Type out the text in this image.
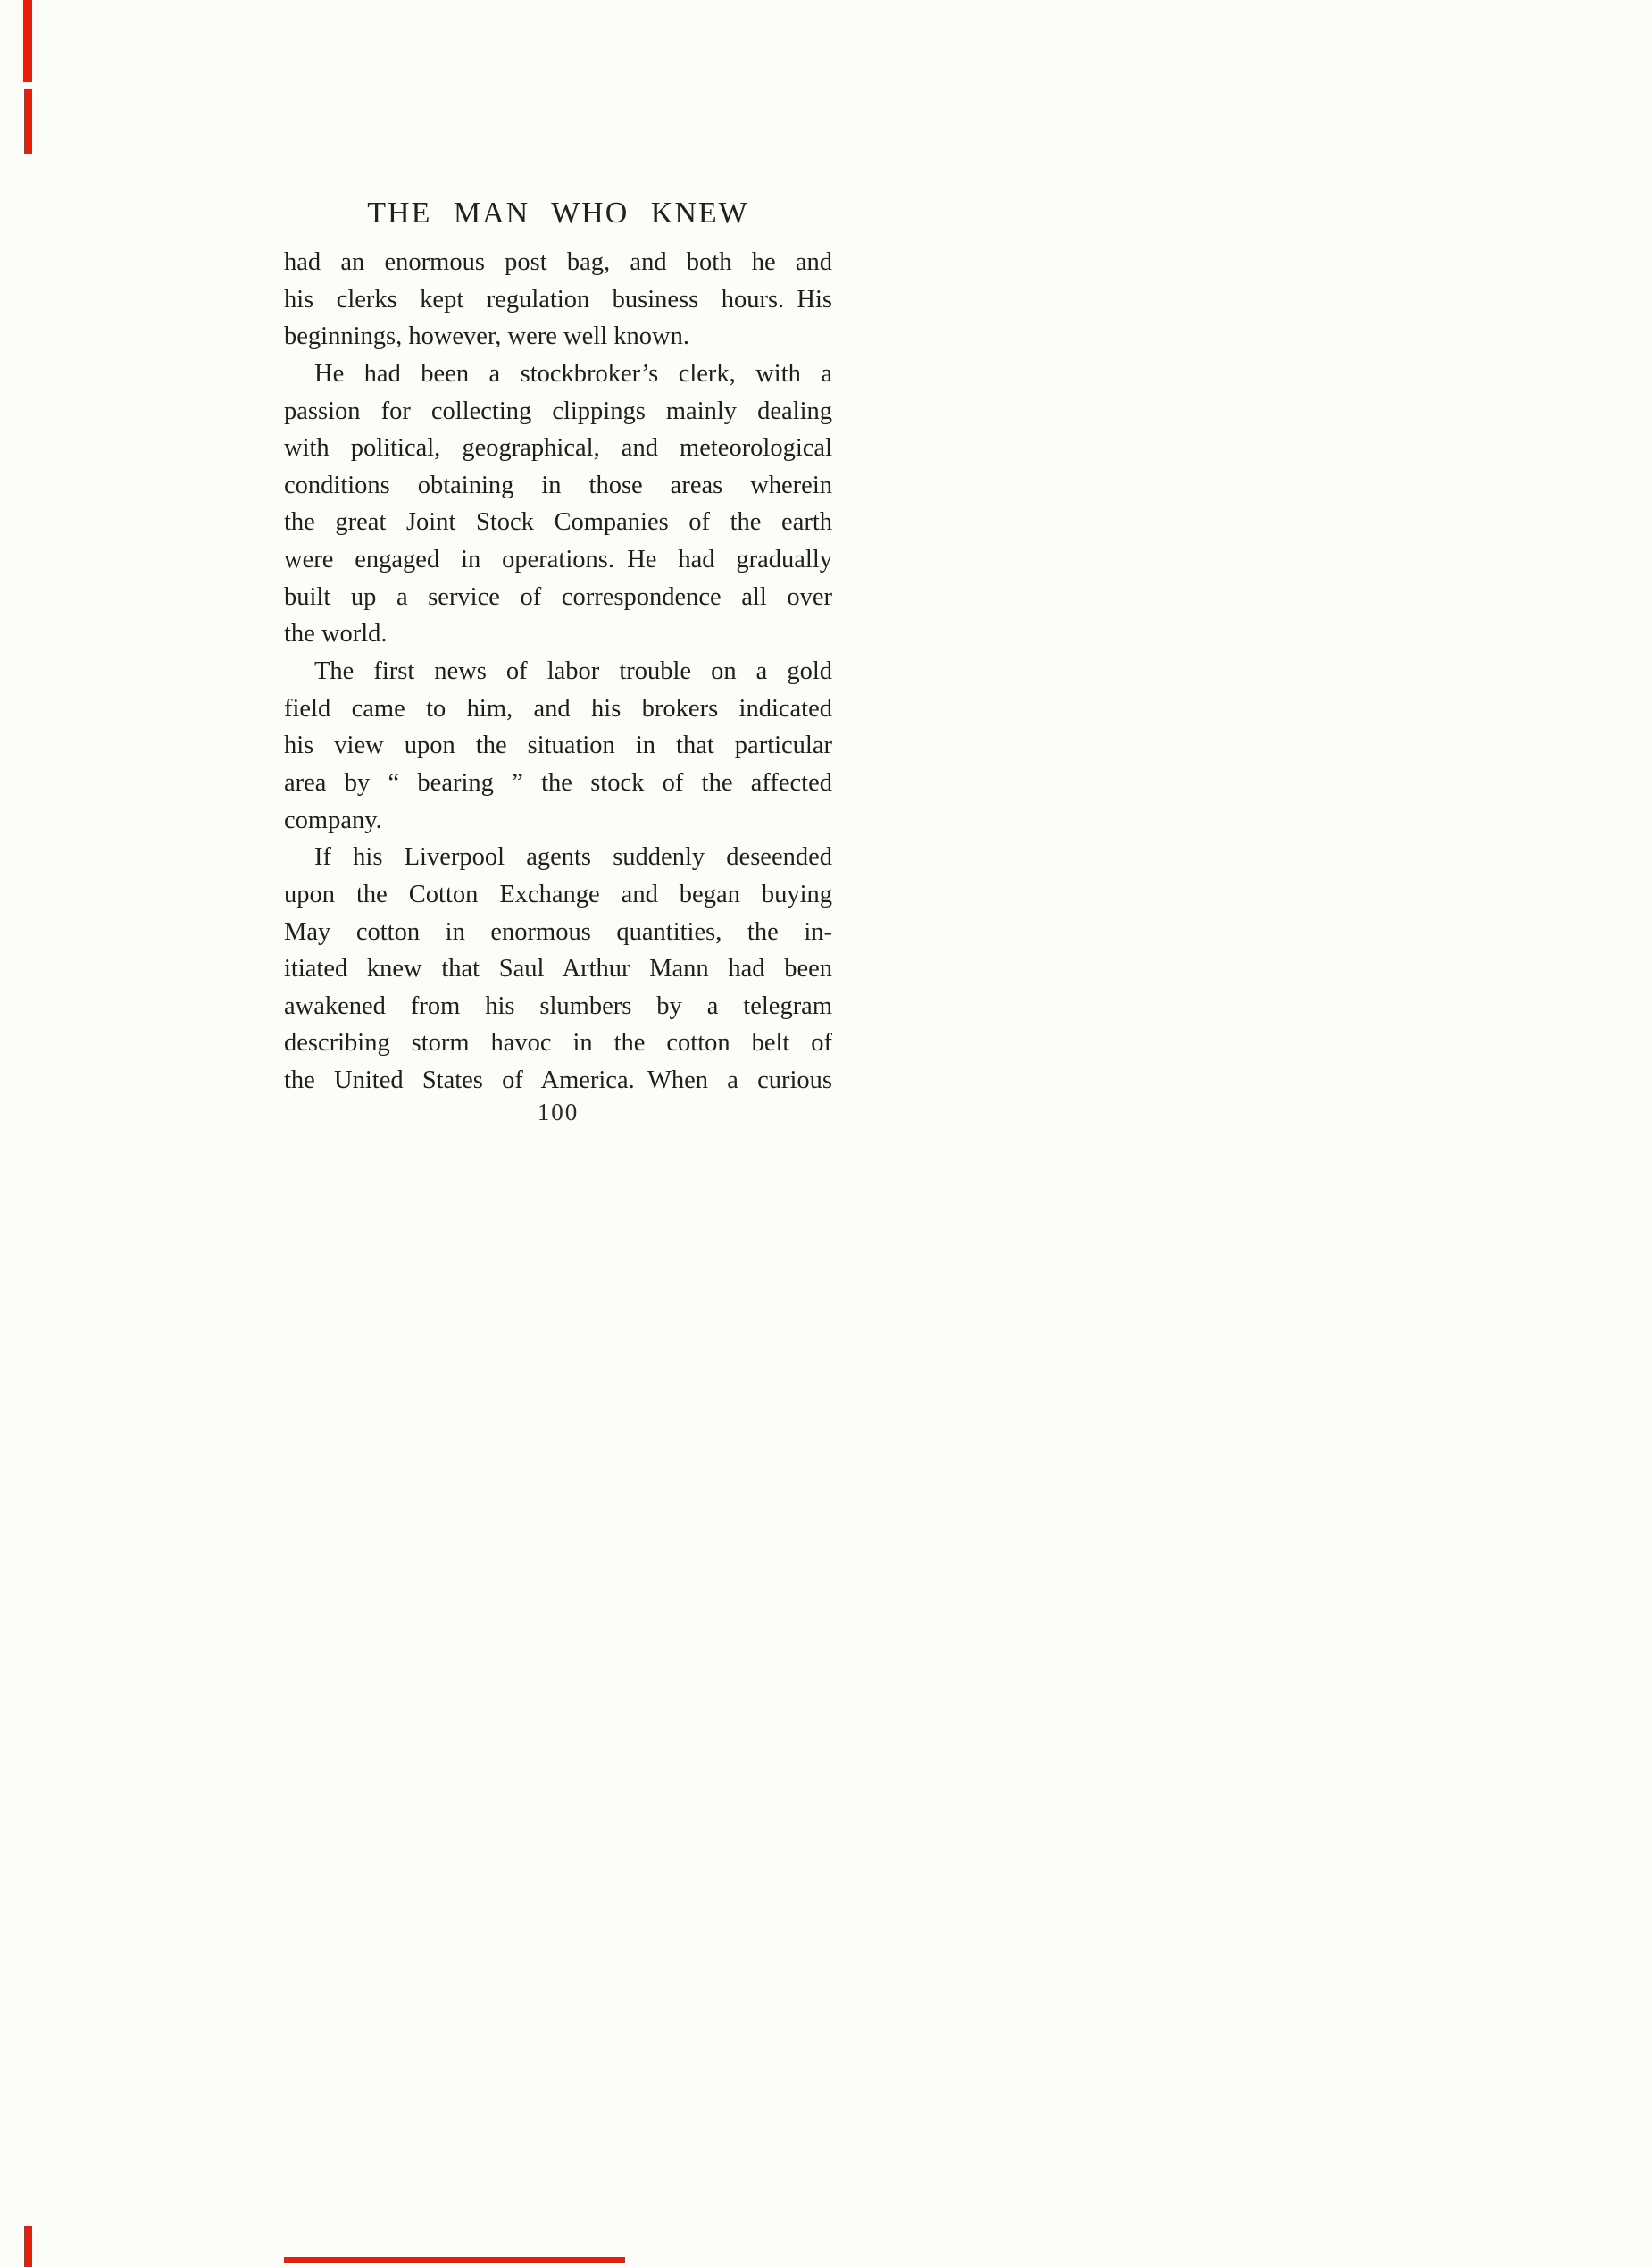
THE MAN WHO KNEW
had an enormous post bag, and both he and
his clerks kept regulation business hours. His
beginnings, however, were well known.
He had been a stockbroker’s clerk, with a
passion for collecting clippings mainly dealing
with political, geographical, and meteorological
conditions obtaining in those areas wherein
the great Joint Stock Companies of the earth
were engaged in operations. He had gradually
built up a service of correspondence all over
the world.
The first news of labor trouble on a gold
field came to him, and his brokers indicated
his view upon the situation in that particular
area by “ bearing ” the stock of the affected
company.
If his Liverpool agents suddenly deseended
upon the Cotton Exchange and began buying
May cotton in enormous quantities, the in-
itiated knew that Saul Arthur Mann had been
awakened from his slumbers by a telegram
describing storm havoc in the cotton belt of
the United States of America. When a curious
100
